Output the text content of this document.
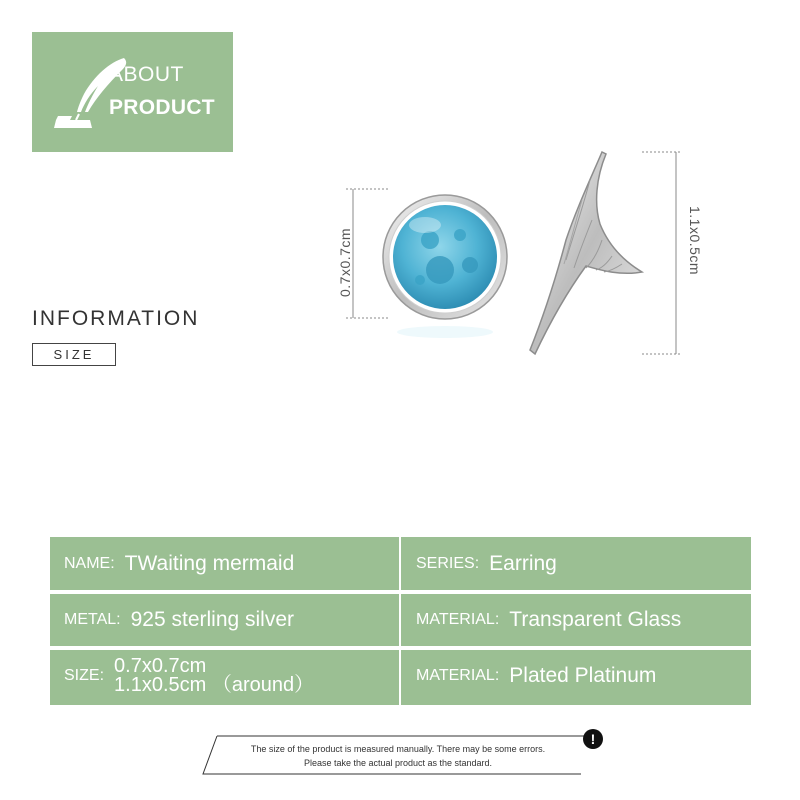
ABOUT
PRODUCT
INFORMATION
SIZE
0.7x0.7cm	1.1x0.5cm
NAME: TWaiting mermaid	SERIES: Earring
METAL: 925 sterling silver	MATERIAL: Transparent Glass
SIZE: 0.7x0.7cm
1.1x0.5cm （around）	MATERIAL: Plated Platinum
The size of the product is measured manually. There may be some errors.
Please take the actual product as the standard.
!
